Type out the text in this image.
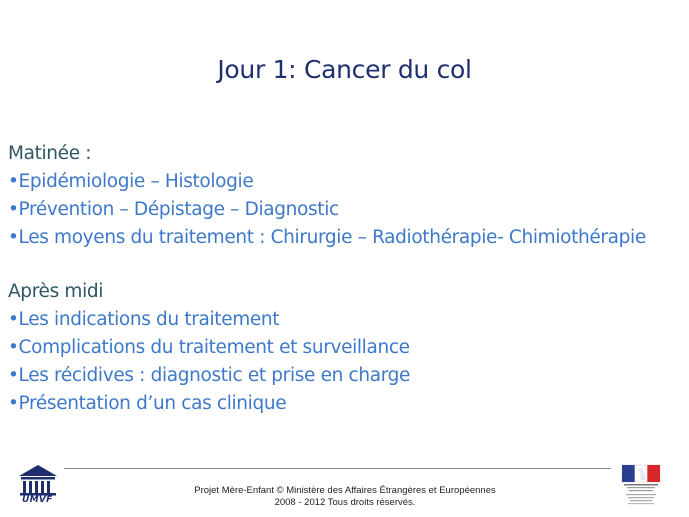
Jour 1: Cancer du col
Matinée :
•Epidémiologie – Histologie
•Prévention – Dépistage – Diagnostic
•Les moyens du traitement : Chirurgie – Radiothérapie- Chimiothérapie
Après midi
•Les indications du traitement
•Complications du traitement et surveillance
•Les récidives : diagnostic et prise en charge
•Présentation d’un cas clinique
UMVF
Projet Mère-Enfant © Ministère des Affaires Étrangères et Européennes
2008 - 2012 Tous droits réservés.
